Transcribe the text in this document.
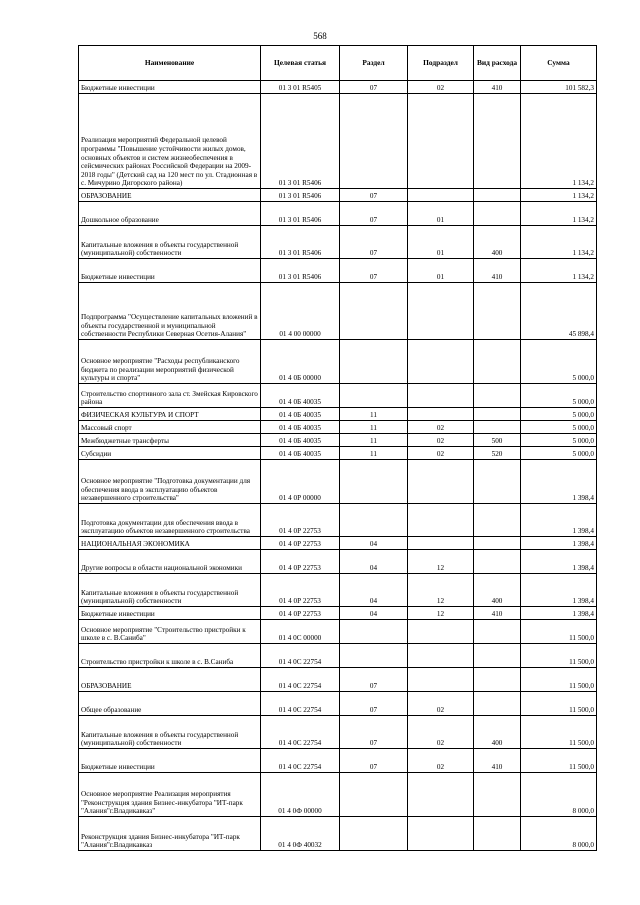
568
Наименование	Целевая статья	Раздел	Подраздел	Вид расхода	Сумма
Бюджетные инвестиции	01 3 01 R5405	07	02	410	101 582,3
Реализация мероприятий Федеральной целевой программы "Повышение устойчивости жилых домов, основных объектов и систем жизнеобеспечения в сейсмических районах Российской Федерации на 2009-2018 годы" (Детский сад на 120 мест по ул. Стадионная в с. Мичурино Дигорского района)	01 3 01 R5406				1 134,2
ОБРАЗОВАНИЕ	01 3 01 R5406	07			1 134,2
Дошкольное образование	01 3 01 R5406	07	01		1 134,2
Капитальные вложения в объекты государственной (муниципальной) собственности	01 3 01 R5406	07	01	400	1 134,2
Бюджетные инвестиции	01 3 01 R5406	07	01	410	1 134,2
Подпрограмма "Осуществление капитальных вложений в объекты государственной и муниципальной собственности Республики Северная Осетия-Алания"	01 4 00 00000				45 898,4
Основное мероприятие "Расходы республиканского бюджета по реализации мероприятий физической культуры и спорта"	01 4 0Б 00000				5 000,0
Строительство спортивного зала ст. Змейская Кировского района	01 4 0Б 40035				5 000,0
ФИЗИЧЕСКАЯ КУЛЬТУРА И СПОРТ	01 4 0Б 40035	11			5 000,0
Массовый спорт	01 4 0Б 40035	11	02		5 000,0
Межбюджетные трансферты	01 4 0Б 40035	11	02	500	5 000,0
Субсидии	01 4 0Б 40035	11	02	520	5 000,0
Основное мероприятие "Подготовка документации для обеспечения ввода в эксплуатацию объектов незавершенного строительства"	01 4 0Р 00000				1 398,4
Подготовка документации для обеспечения ввода в эксплуатацию объектов незавершенного строительства	01 4 0Р 22753				1 398,4
НАЦИОНАЛЬНАЯ ЭКОНОМИКА	01 4 0Р 22753	04			1 398,4
Другие вопросы в области национальной экономики	01 4 0Р 22753	04	12		1 398,4
Капитальные вложения в объекты государственной (муниципальной) собственности	01 4 0Р 22753	04	12	400	1 398,4
Бюджетные инвестиции	01 4 0Р 22753	04	12	410	1 398,4
Основное мероприятие "Строительство пристройки к школе в с. В.Саниба"	01 4 0С 00000				11 500,0
Строительство пристройки к школе в с. В.Саниба	01 4 0С 22754				11 500,0
ОБРАЗОВАНИЕ	01 4 0С 22754	07			11 500,0
Общее образование	01 4 0С 22754	07	02		11 500,0
Капитальные вложения в объекты государственной (муниципальной) собственности	01 4 0С 22754	07	02	400	11 500,0
Бюджетные инвестиции	01 4 0С 22754	07	02	410	11 500,0
Основное мероприятие Реализация мероприятия "Реконструкция здания Бизнес-инкубатора "ИТ-парк "Алания"г.Владикавказ"	01 4 0Ф 00000				8 000,0
Реконструкция здания Бизнес-инкубатора "ИТ-парк "Алания"г.Владикавказ	01 4 0Ф 40032				8 000,0
